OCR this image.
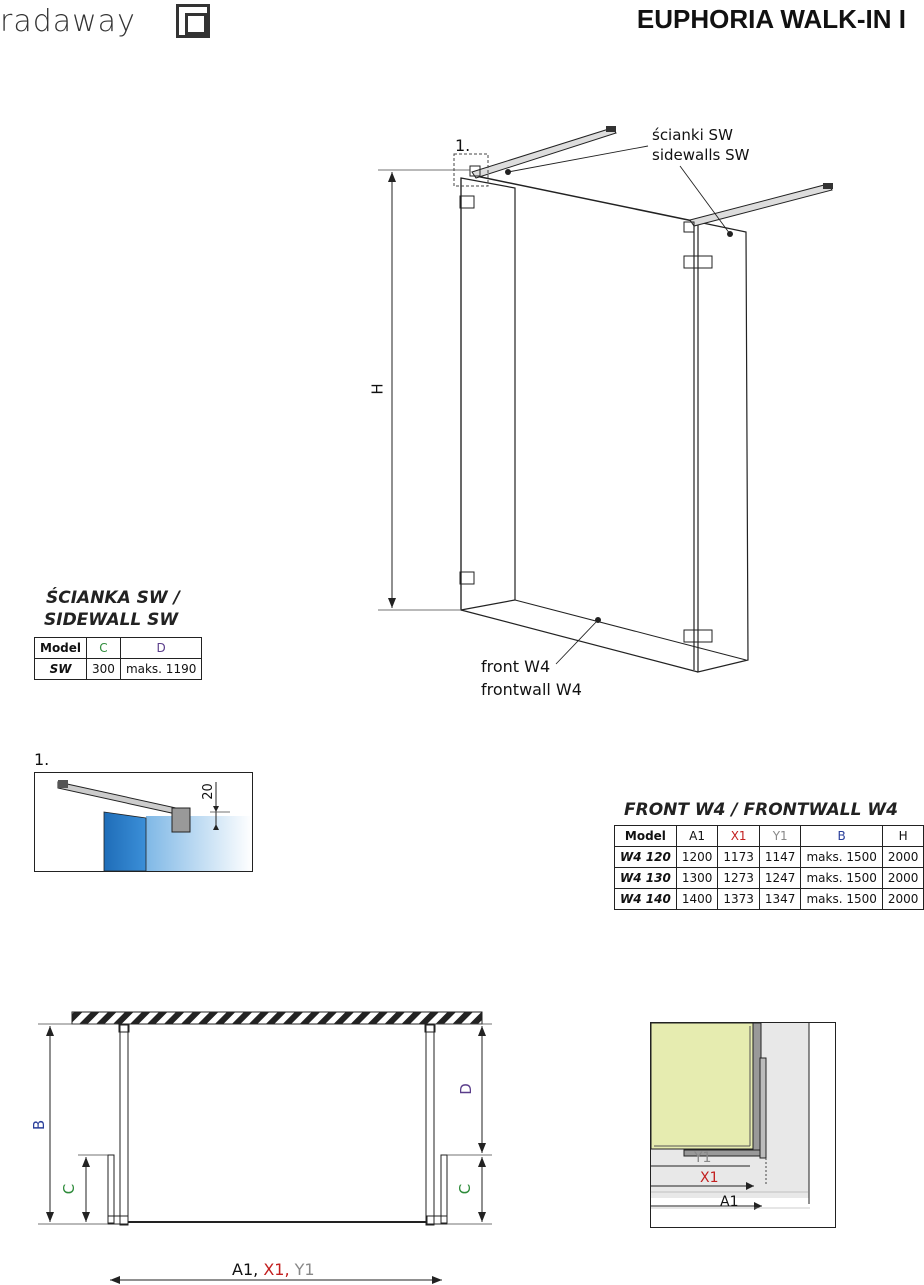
radaway	EUPHORIA WALK-IN I
1.
H
ścianki SW
sidewalls SW
front W4
frontwall W4
ŚCIANKA SW /
SIDEWALL SW
Model	C	D
SW	300	maks. 1190
1.
20
FRONT W4 / FRONTWALL W4
Model	A1	X1	Y1	B	H
W4 120	1200	1173	1147	maks. 1500	2000
W4 130	1300	1273	1247	maks. 1500	2000
W4 140	1400	1373	1347	maks. 1500	2000
B
C	C
D
A1, X1, Y1
Y1
X1
A1
